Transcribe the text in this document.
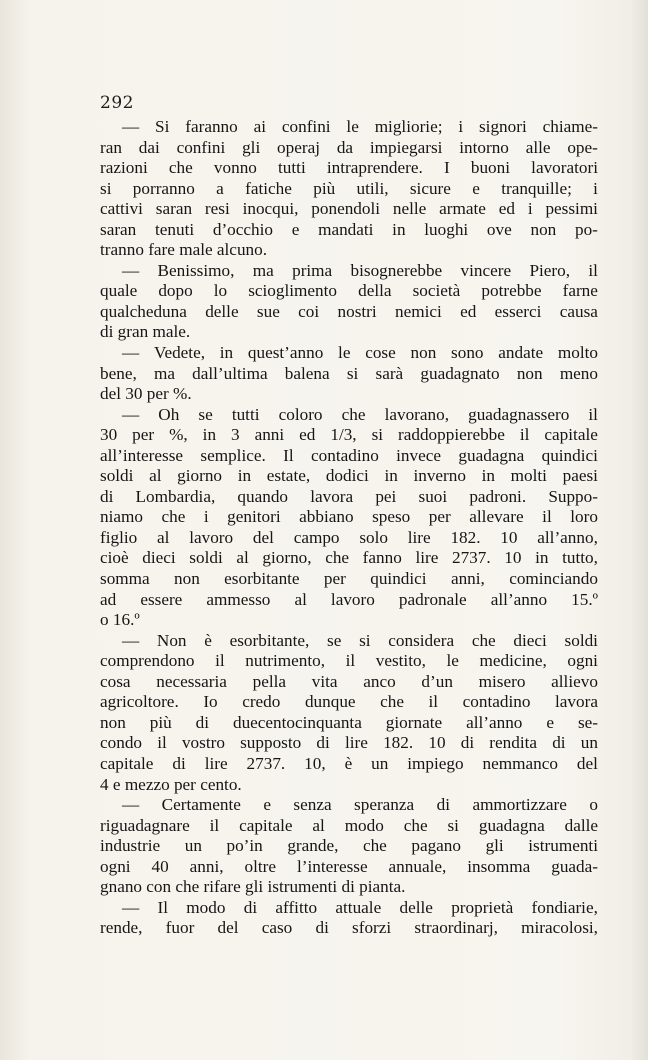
292
— Si faranno ai confini le migliorie; i signori chiame-
ran dai confini gli operaj da impiegarsi intorno alle ope-
razioni che vonno tutti intraprendere. I buoni lavoratori
si porranno a fatiche più utili, sicure e tranquille; i
cattivi saran resi inocqui, ponendoli nelle armate ed i pessimi
saran tenuti d’occhio e mandati in luoghi ove non po-
tranno fare male alcuno.
— Benissimo, ma prima bisognerebbe vincere Piero, il
quale dopo lo scioglimento della società potrebbe farne
qualcheduna delle sue coi nostri nemici ed esserci causa
di gran male.
— Vedete, in quest’anno le cose non sono andate molto
bene, ma dall’ultima balena si sarà guadagnato non meno
del 30 per %.
— Oh se tutti coloro che lavorano, guadagnassero il
30 per %, in 3 anni ed 1/3, si raddoppierebbe il capitale
all’interesse semplice. Il contadino invece guadagna quindici
soldi al giorno in estate, dodici in inverno in molti paesi
di Lombardia, quando lavora pei suoi padroni. Suppo-
niamo che i genitori abbiano speso per allevare il loro
figlio al lavoro del campo solo lire 182. 10 all’anno,
cioè dieci soldi al giorno, che fanno lire 2737. 10 in tutto,
somma non esorbitante per quindici anni, cominciando
ad essere ammesso al lavoro padronale all’anno 15.º
o 16.º
— Non è esorbitante, se si considera che dieci soldi
comprendono il nutrimento, il vestito, le medicine, ogni
cosa necessaria pella vita anco d’un misero allievo
agricoltore. Io credo dunque che il contadino lavora
non più di duecentocinquanta giornate all’anno e se-
condo il vostro supposto di lire 182. 10 di rendita di un
capitale di lire 2737. 10, è un impiego nemmanco del
4 e mezzo per cento.
— Certamente e senza speranza di ammortizzare o
riguadagnare il capitale al modo che si guadagna dalle
industrie un po’in grande, che pagano gli istrumenti
ogni 40 anni, oltre l’interesse annuale, insomma guada-
gnano con che rifare gli istrumenti di pianta.
— Il modo di affitto attuale delle proprietà fondiarie,
rende, fuor del caso di sforzi straordinarj, miracolosi,
